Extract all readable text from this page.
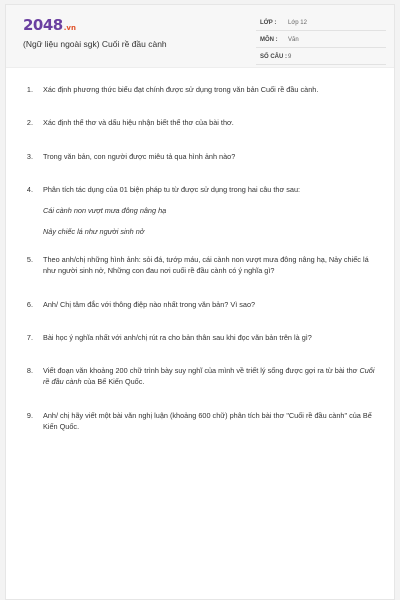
2048.vn
(Ngữ liệu ngoài sgk) Cuối rề đầu cành
LỚP : Lớp 12
MÔN : Văn
SỐ CÂU : 9
1. Xác định phương thức biểu đạt chính được sử dụng trong văn bản Cuối rề đầu cành.
2. Xác định thể thơ và dấu hiệu nhận biết thể thơ của bài thơ.
3. Trong văn bản, con người được miêu tả qua hình ảnh nào?
4. Phân tích tác dụng của 01 biện pháp tu từ được sử dụng trong hai câu thơ sau:
Cái cành non vượt mưa đông nâng hạ
Nảy chiếc lá như người sinh nở
5. Theo anh/chị những hình ảnh: sỏi đá, tướp máu, cái cành non vượt mưa đông nâng hạ, Nảy chiếc lá như người sinh nở, Những con đau nơi cuối rề đầu cành có ý nghĩa gì?
6. Anh/ Chị tâm đắc với thông điệp nào nhất trong văn bản? Vì sao?
7. Bài học ý nghĩa nhất với anh/chị rút ra cho bản thân sau khi đọc văn bản trên là gì?
8. Viết đoạn văn khoảng 200 chữ trình bày suy nghĩ của mình về triết lý sống được gợi ra từ bài thơ Cuối rề đầu cành của Bế Kiến Quốc.
9. Anh/ chị hãy viết một bài văn nghị luận (khoảng 600 chữ) phân tích bài thơ "Cuối rề đầu cành" của Bế Kiến Quốc.
